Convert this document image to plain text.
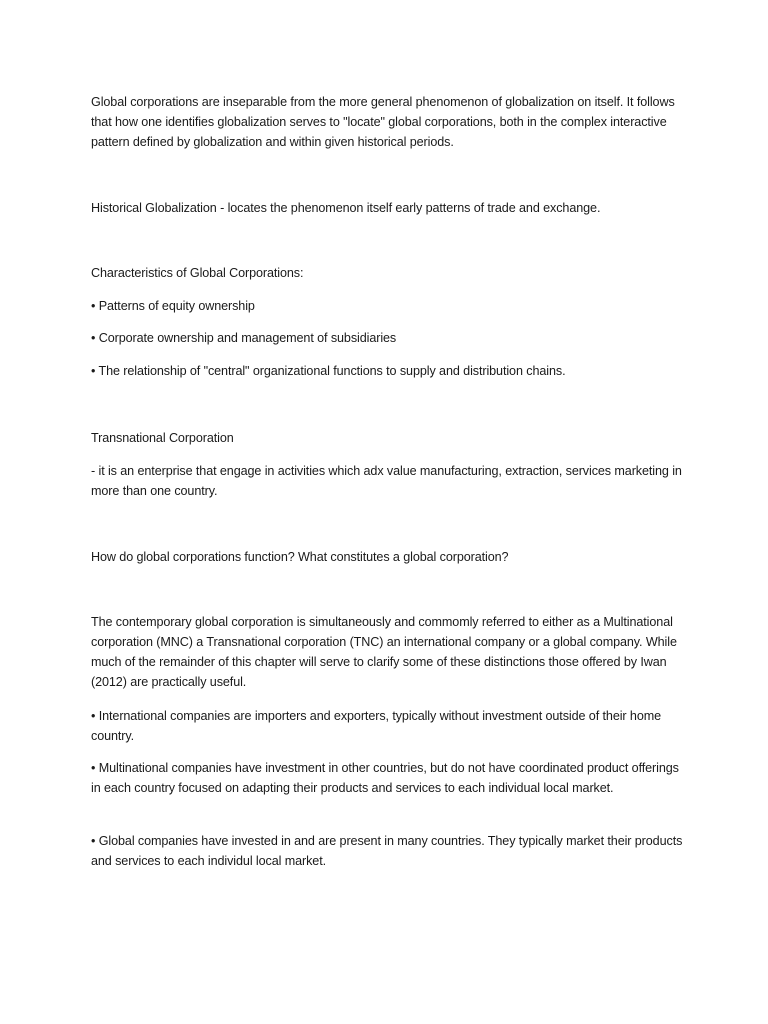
Global corporations are inseparable from the more general phenomenon of globalization on itself. It follows that how one identifies globalization serves to "locate" global corporations, both in the complex interactive pattern defined by globalization and within given historical periods.

Historical Globalization - locates the phenomenon itself early patterns of trade and exchange.

Characteristics of Global Corporations:

• Patterns of equity ownership

• Corporate ownership and management of subsidiaries

• The relationship of "central" organizational functions to supply and distribution chains.

Transnational Corporation

- it is an enterprise that engage in activities which adx value manufacturing, extraction, services marketing in more than one country.

How do global corporations function? What constitutes a global corporation?

The contemporary global corporation is simultaneously and commomly referred to either as a Multinational corporation (MNC) a Transnational corporation (TNC) an international company or a global company. While much of the remainder of this chapter will serve to clarify some of these distinctions those offered by Iwan (2012) are practically useful.

• International companies are importers and exporters, typically without investment outside of their home country.

• Multinational companies have investment in other countries, but do not have coordinated product offerings in each country focused on adapting their products and services to each individual local market.

• Global companies have invested in and are present in many countries. They typically market their products and services to each individul local market.
